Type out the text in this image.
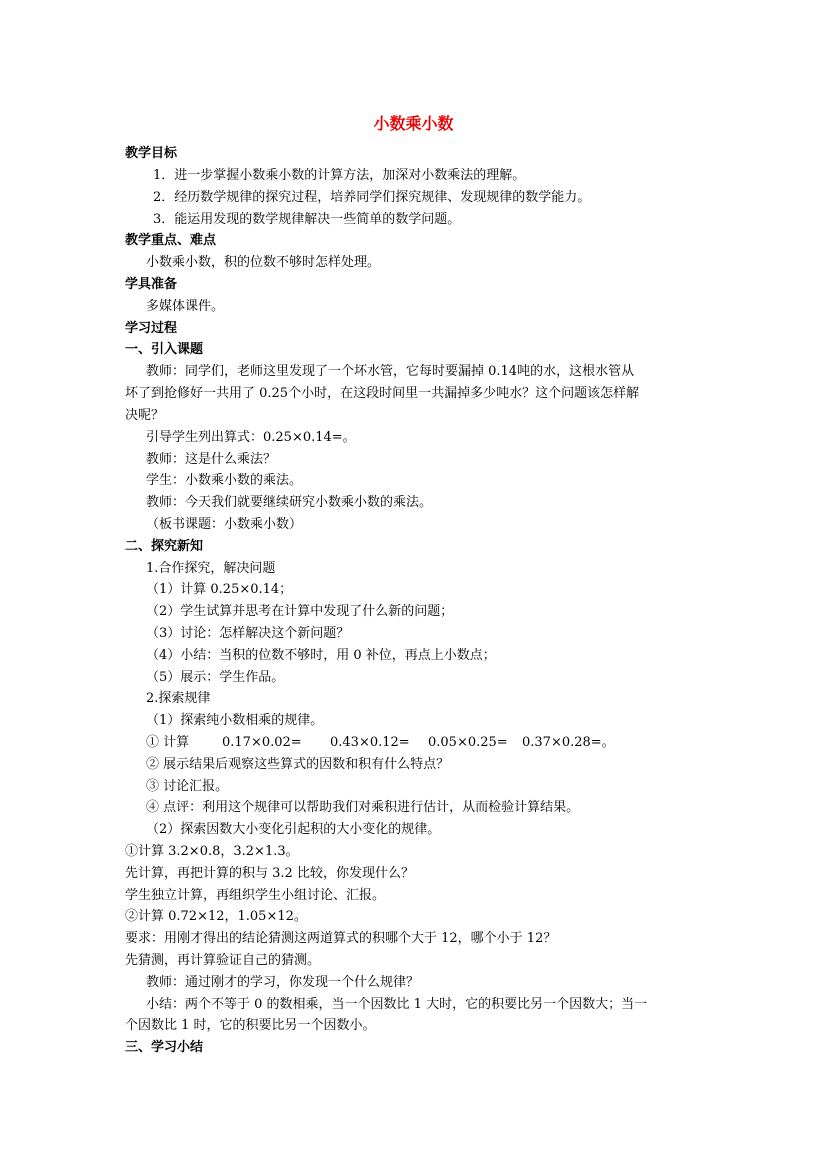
小数乘小数
教学目标
1．进一步掌握小数乘小数的计算方法，加深对小数乘法的理解。
2．经历数学规律的探究过程，培养同学们探究规律、发现规律的数学能力。
3．能运用发现的数学规律解决一些简单的数学问题。
教学重点、难点
小数乘小数，积的位数不够时怎样处理。
学具准备
多媒体课件。
学习过程
一、引入课题
教师：同学们，老师这里发现了一个坏水管，它每时要漏掉 0.14吨的水，这根水管从
坏了到抢修好一共用了 0.25个小时，在这段时间里一共漏掉多少吨水？这个问题该怎样解
决呢？
引导学生列出算式：0.25×0.14=。
教师：这是什么乘法？
学生：小数乘小数的乘法。
教师：今天我们就要继续研究小数乘小数的乘法。
（板书课题：小数乘小数）
二、探究新知
1.合作探究，解决问题
（1）计算 0.25×0.14；
（2）学生试算并思考在计算中发现了什么新的问题；
（3）讨论：怎样解决这个新问题？
（4）小结：当积的位数不够时，用 0 补位，再点上小数点；
（5）展示：学生作品。
2.探索规律
（1）探索纯小数相乘的规律。
① 计算	0.17×0.02= 0.43×0.12= 0.05×0.25= 0.37×0.28=。
② 展示结果后观察这些算式的因数和积有什么特点？
③ 讨论汇报。
④ 点评：利用这个规律可以帮助我们对乘积进行估计，从而检验计算结果。
（2）探索因数大小变化引起积的大小变化的规律。
①计算 3.2×0.8，3.2×1.3。
先计算，再把计算的积与 3.2 比较，你发现什么？
学生独立计算，再组织学生小组讨论、汇报。
②计算 0.72×12，1.05×12。
要求：用刚才得出的结论猜测这两道算式的积哪个大于 12，哪个小于 12？
先猜测，再计算验证自己的猜测。
教师：通过刚才的学习，你发现一个什么规律？
小结：两个不等于 0 的数相乘，当一个因数比 1 大时，它的积要比另一个因数大；当一
个因数比 1 时，它的积要比另一个因数小。
三、学习小结
